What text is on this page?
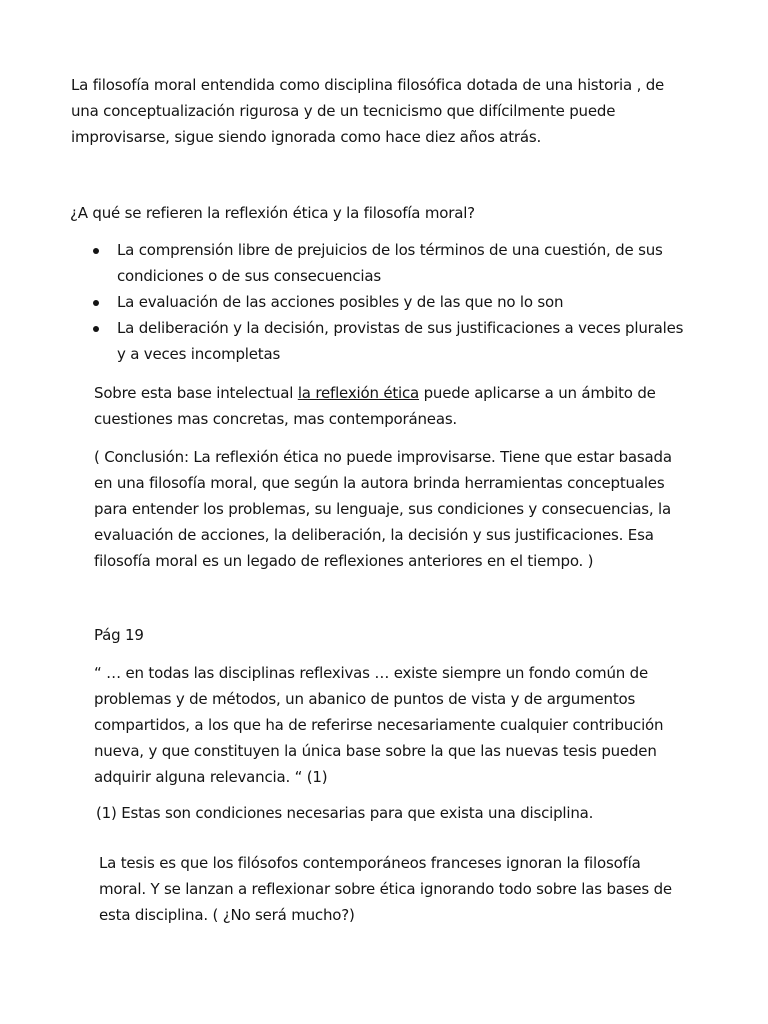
La filosofía moral entendida como disciplina filosófica dotada de una historia , de
una conceptualización rigurosa y de un tecnicismo que difícilmente puede
improvisarse, sigue siendo ignorada como hace diez años atrás.
¿A qué se refieren la reflexión ética y la filosofía moral?
La comprensión libre de prejuicios de los términos de una cuestión, de sus
condiciones o de sus consecuencias
La evaluación de las acciones posibles y de las que no lo son
La deliberación y la decisión, provistas de sus justificaciones a veces plurales
y a veces incompletas
Sobre esta base intelectual la reflexión ética puede aplicarse a un ámbito de
cuestiones mas concretas, mas contemporáneas.
( Conclusión: La reflexión ética no puede improvisarse. Tiene que estar basada
en una filosofía moral, que según la autora brinda herramientas conceptuales
para entender los problemas, su lenguaje, sus condiciones y consecuencias, la
evaluación de acciones, la deliberación, la decisión y sus justificaciones. Esa
filosofía moral es un legado de reflexiones anteriores en el tiempo. )
Pág 19
“ … en todas las disciplinas reflexivas … existe siempre un fondo común de
problemas y de métodos, un abanico de puntos de vista y de argumentos
compartidos, a los que ha de referirse necesariamente cualquier contribución
nueva, y que constituyen la única base sobre la que las nuevas tesis pueden
adquirir alguna relevancia. “ (1)
(1) Estas son condiciones necesarias para que exista una disciplina.
La tesis es que los filósofos contemporáneos franceses ignoran la filosofía
moral. Y se lanzan a reflexionar sobre ética ignorando todo sobre las bases de
esta disciplina. ( ¿No será mucho?)
